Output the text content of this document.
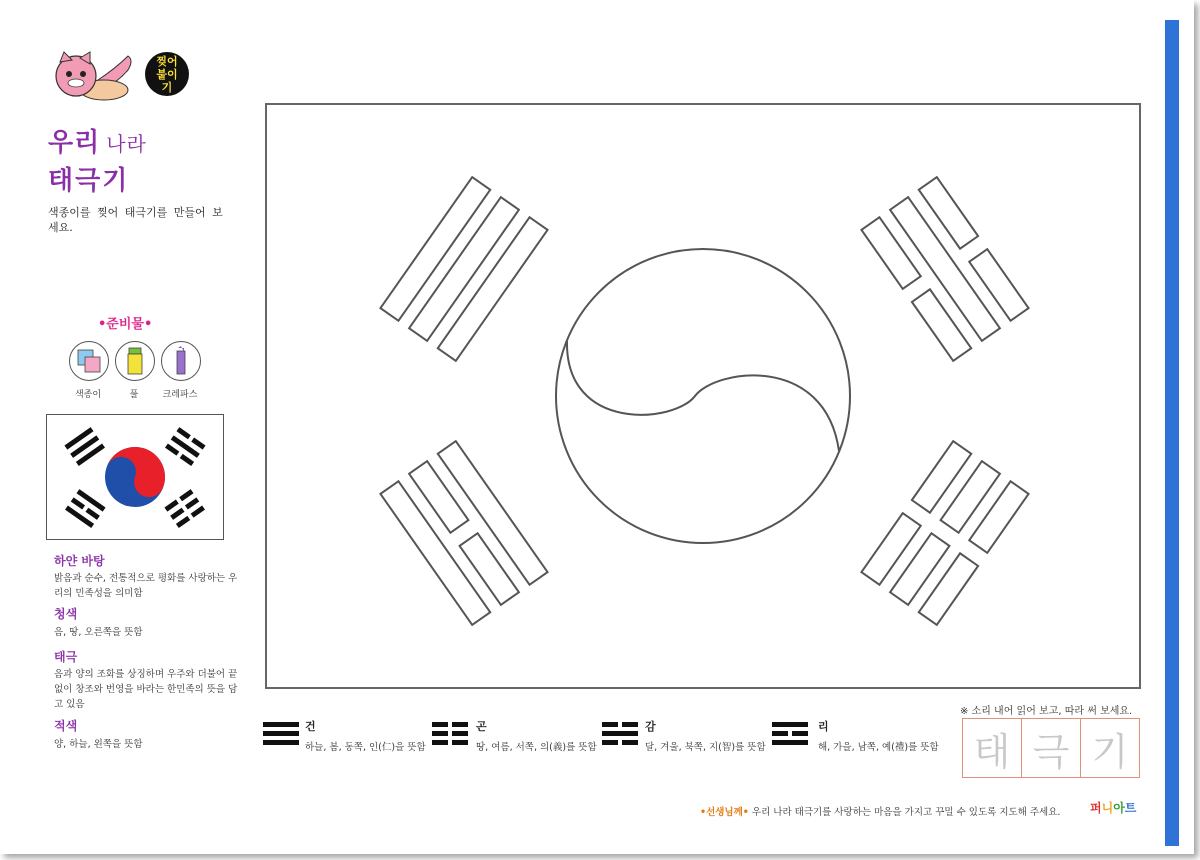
찢어 붙이기
우리 나라
태극기
색종이를 찢어 태극기를 만들어 보세요.
•준비물•
색종이	풀	크레파스
하얀 바탕
밝음과 순수, 전통적으로 평화를 사랑하는 우리의 민족성을 의미함
청색
음, 땅, 오른쪽을 뜻함
태극
음과 양의 조화를 상징하며 우주와 더불어 끝없이 창조와 번영을 바라는 한민족의 뜻을 담고 있음
적색
양, 하늘, 왼쪽을 뜻함
건
하늘, 봄, 동쪽, 인(仁)을 뜻함
곤
땅, 여름, 서쪽, 의(義)를 뜻함
감
달, 겨울, 북쪽, 지(智)를 뜻함
리
해, 가을, 남쪽, 예(禮)를 뜻함
※ 소리 내어 읽어 보고, 따라 써 보세요.
태 극 기
•선생님께• 우리 나라 태극기를 사랑하는 마음을 가지고 꾸밀 수 있도록 지도해 주세요. 퍼니아트
